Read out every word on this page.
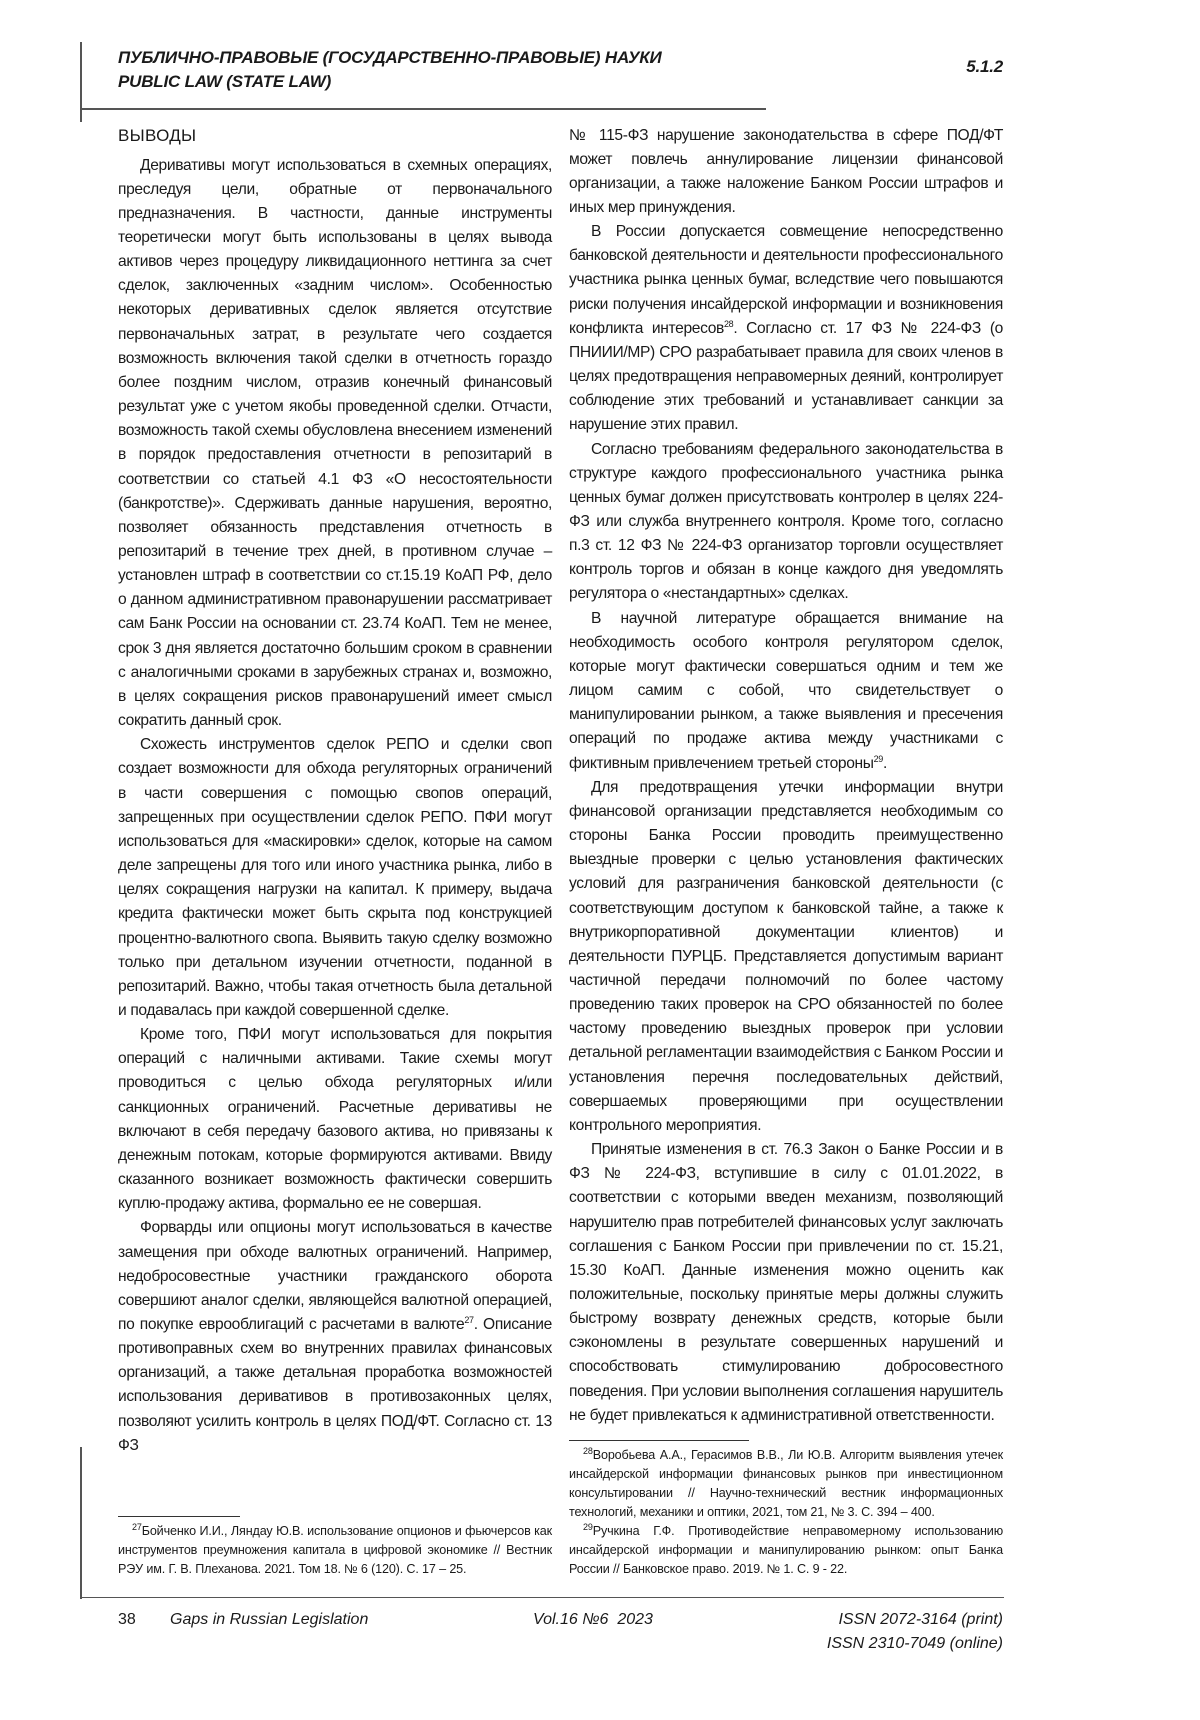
ПУБЛИЧНО-ПРАВОВЫЕ (ГОСУДАРСТВЕННО-ПРАВОВЫЕ) НАУКИ
PUBLIC LAW (STATE LAW)
5.1.2
ВЫВОДЫ

Деривативы могут использоваться в схемных операциях, преследуя цели, обратные от первоначального предназначения. В частности, данные инструменты теоретически могут быть использованы в целях вывода активов через процедуру ликвидационного неттинга за счет сделок, заключенных «задним числом». Особенностью некоторых деривативных сделок является отсутствие первоначальных затрат, в результате чего создается возможность включения такой сделки в отчетность гораздо более поздним числом, отразив конечный финансовый результат уже с учетом якобы проведенной сделки. Отчасти, возможность такой схемы обусловлена внесением изменений в порядок предоставления отчетности в репозитарий в соответствии со статьей 4.1 ФЗ «О несостоятельности (банкротстве)». Сдерживать данные нарушения, вероятно, позволяет обязанность представления отчетность в репозитарий в течение трех дней, в противном случае – установлен штраф в соответствии со ст.15.19 КоАП РФ, дело о данном административном правонарушении рассматривает сам Банк России на основании ст. 23.74 КоАП. Тем не менее, срок 3 дня является достаточно большим сроком в сравнении с аналогичными сроками в зарубежных странах и, возможно, в целях сокращения рисков правонарушений имеет смысл сократить данный срок.

Схожесть инструментов сделок РЕПО и сделки своп создает возможности для обхода регуляторных ограничений в части совершения с помощью свопов операций, запрещенных при осуществлении сделок РЕПО. ПФИ могут использоваться для «маскировки» сделок, которые на самом деле запрещены для того или иного участника рынка, либо в целях сокращения нагрузки на капитал. К примеру, выдача кредита фактически может быть скрыта под конструкцией процентно-валютного свопа. Выявить такую сделку возможно только при детальном изучении отчетности, поданной в репозитарий. Важно, чтобы такая отчетность была детальной и подавалась при каждой совершенной сделке.

Кроме того, ПФИ могут использоваться для покрытия операций с наличными активами. Такие схемы могут проводиться с целью обхода регуляторных и/или санкционных ограничений. Расчетные деривативы не включают в себя передачу базового актива, но привязаны к денежным потокам, которые формируются активами. Ввиду сказанного возникает возможность фактически совершить куплю-продажу актива, формально ее не совершая.

Форварды или опционы могут использоваться в качестве замещения при обходе валютных ограничений. Например, недобросовестные участники гражданского оборота совершиют аналог сделки, являющейся валютной операцией, по покупке еврооблигаций с расчетами в валюте$^{27}$. Описание противоправных схем во внутренних правилах финансовых организаций, а также детальная проработка возможностей использования деривативов в противозаконных целях, позволяют усилить контроль в целях ПОД/ФТ. Согласно ст. 13 ФЗ

$^{27}$Бойченко И.И., Ляндау Ю.В. использование опционов и фьючерсов как инструментов преумножения капитала в цифровой экономике // Вестник РЭУ им. Г. В. Плеханова. 2021. Том 18. № 6 (120). С. 17 – 25.

№ 115-ФЗ нарушение законодательства в сфере ПОД/ФТ может повлечь аннулирование лицензии финансовой организации, а также наложение Банком России штрафов и иных мер принуждения.

В России допускается совмещение непосредственно банковской деятельности и деятельности профессионального участника рынка ценных бумаг, вследствие чего повышаются риски получения инсайдерской информации и возникновения конфликта интересов$^{28}$. Согласно ст. 17 ФЗ № 224-ФЗ (о ПНИИИ/МР) СРО разрабатывает правила для своих членов в целях предотвращения неправомерных деяний, контролирует соблюдение этих требований и устанавливает санкции за нарушение этих правил.

Согласно требованиям федерального законодательства в структуре каждого профессионального участника рынка ценных бумаг должен присутствовать контролер в целях 224-ФЗ или служба внутреннего контроля. Кроме того, согласно п.3 ст. 12 ФЗ № 224-ФЗ организатор торговли осуществляет контроль торгов и обязан в конце каждого дня уведомлять регулятора о «нестандартных» сделках.

В научной литературе обращается внимание на необходимость особого контроля регулятором сделок, которые могут фактически совершаться одним и тем же лицом самим с собой, что свидетельствует о манипулировании рынком, а также выявления и пресечения операций по продаже актива между участниками с фиктивным привлечением третьей стороны$^{29}$.

Для предотвращения утечки информации внутри финансовой организации представляется необходимым со стороны Банка России проводить преимущественно выездные проверки с целью установления фактических условий для разграничения банковской деятельности (с соответствующим доступом к банковской тайне, а также к внутрикорпоративной документации клиентов) и деятельности ПУРЦБ. Представляется допустимым вариант частичной передачи полномочий по более частому проведению таких проверок на СРО обязанностей по более частому проведению выездных проверок при условии детальной регламентации взаимодействия с Банком России и установления перечня последовательных действий, совершаемых проверяющими при осуществлении контрольного мероприятия.

Принятые изменения в ст. 76.3 Закон о Банке России и в ФЗ № 224-ФЗ, вступившие в силу с 01.01.2022, в соответствии с которыми введен механизм, позволяющий нарушителю прав потребителей финансовых услуг заключать соглашения с Банком России при привлечении по ст. 15.21, 15.30 КоАП. Данные изменения можно оценить как положительные, поскольку принятые меры должны служить быстрому возврату денежных средств, которые были сэкономлены в результате совершенных нарушений и способствовать стимулированию добросовестного поведения. При условии выполнения соглашения нарушитель не будет привлекаться к административной ответственности.

$^{28}$Воробьева А.А., Герасимов В.В., Ли Ю.В. Алгоритм выявления утечек инсайдерской информации финансовых рынков при инвестиционном консультировании // Научно-технический вестник информационных технологий, механики и оптики, 2021, том 21, № 3. С. 394 – 400.

$^{29}$Ручкина Г.Ф. Противодействие неправомерному использованию инсайдерской информации и манипулированию рынком: опыт Банка России // Банковское право. 2019. № 1. С. 9 - 22.

38 Gaps in Russian Legislation	Vol.16 №6  2023	ISSN 2072-3164 (print)
ISSN 2310-7049 (online)
